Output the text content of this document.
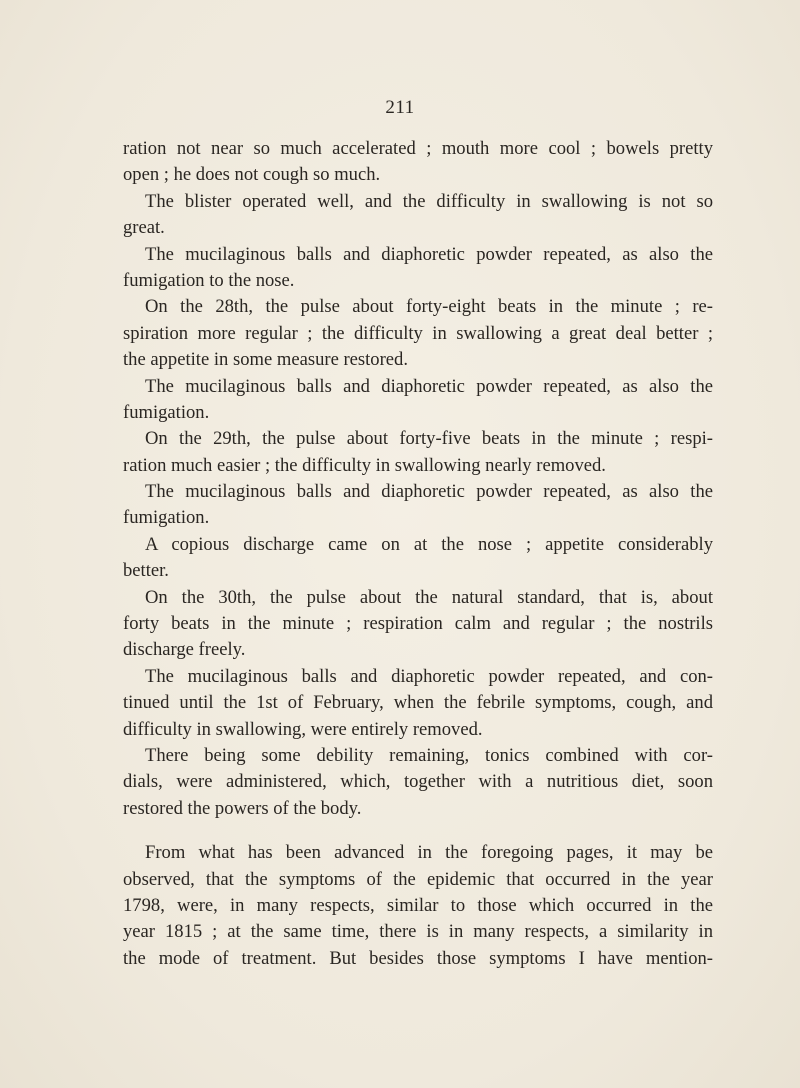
211
ration not near so much accelerated ; mouth more cool ; bowels pretty
open ; he does not cough so much.
The blister operated well, and the difficulty in swallowing is not so
great.
The mucilaginous balls and diaphoretic powder repeated, as also the
fumigation to the nose.
On the 28th, the pulse about forty-eight beats in the minute ; re-
spiration more regular ; the difficulty in swallowing a great deal better ;
the appetite in some measure restored.
The mucilaginous balls and diaphoretic powder repeated, as also the
fumigation.
On the 29th, the pulse about forty-five beats in the minute ; respi-
ration much easier ; the difficulty in swallowing nearly removed.
The mucilaginous balls and diaphoretic powder repeated, as also the
fumigation.
A copious discharge came on at the nose ; appetite considerably
better.
On the 30th, the pulse about the natural standard, that is, about
forty beats in the minute ; respiration calm and regular ; the nostrils
discharge freely.
The mucilaginous balls and diaphoretic powder repeated, and con-
tinued until the 1st of February, when the febrile symptoms, cough, and
difficulty in swallowing, were entirely removed.
There being some debility remaining, tonics combined with cor-
dials, were administered, which, together with a nutritious diet, soon
restored the powers of the body.
From what has been advanced in the foregoing pages, it may be
observed, that the symptoms of the epidemic that occurred in the year
1798, were, in many respects, similar to those which occurred in the
year 1815 ; at the same time, there is in many respects, a similarity in
the mode of treatment. But besides those symptoms I have mention-
